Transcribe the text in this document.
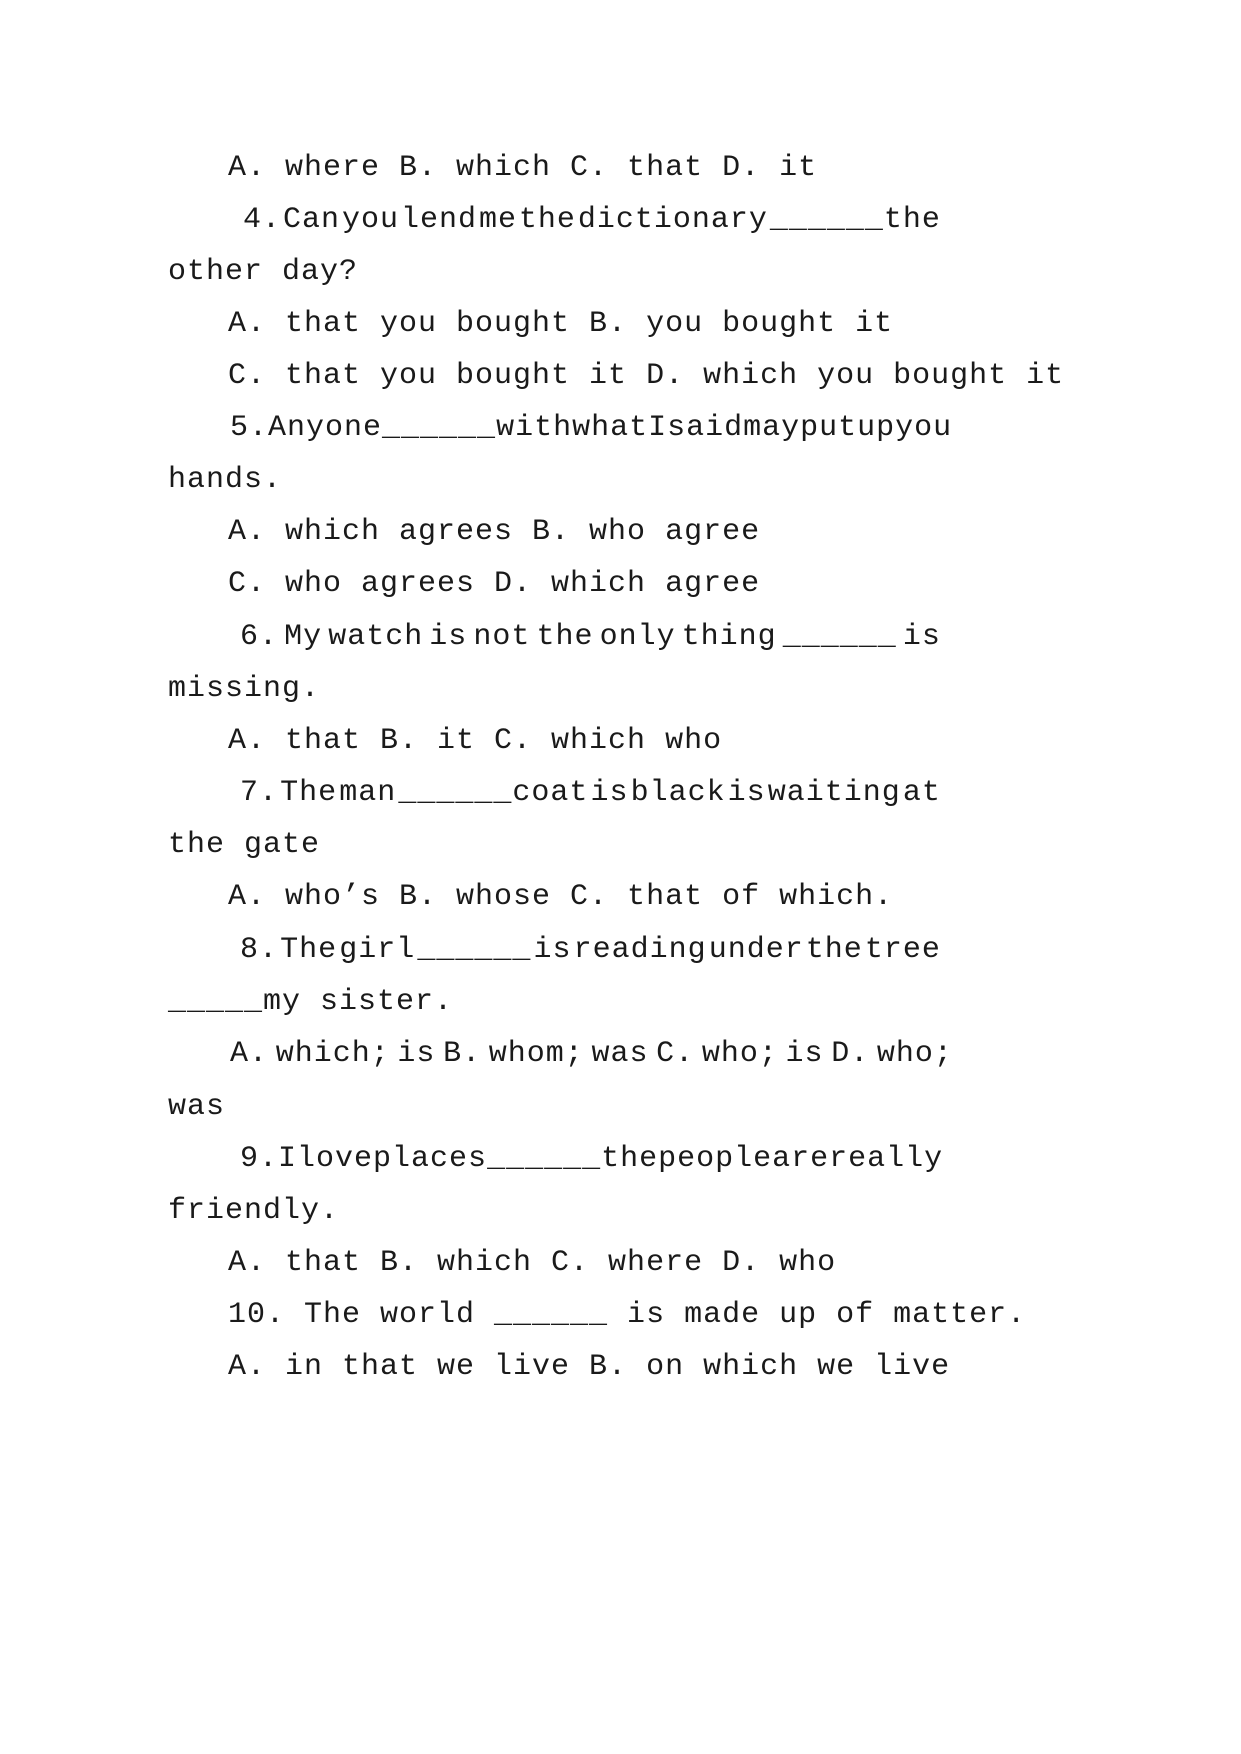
A. where B. which C. that D. it
4. Can you lend me the dictionary ______the
other day?
A. that you bought B. you bought it
C. that you bought it D. which you bought it
5. Anyone ______with what I said may put up you
hands.
A. which agrees B. who agree
C. who agrees D. which agree
6. My watch is not the only thing ______ is
missing.
A. that B. it C. which who
7. The man ______coat is black is waiting at
the gate
A. who’s B. whose C. that of which.
8. The girl ______ is reading under the tree
_____my sister.
A. which; is B. whom; was C. who; is D. who;
was
9. I love places ______the people are really
friendly.
A. that B. which C. where D. who
10. The world ______ is made up of matter.
A. in that we live B. on which we live
